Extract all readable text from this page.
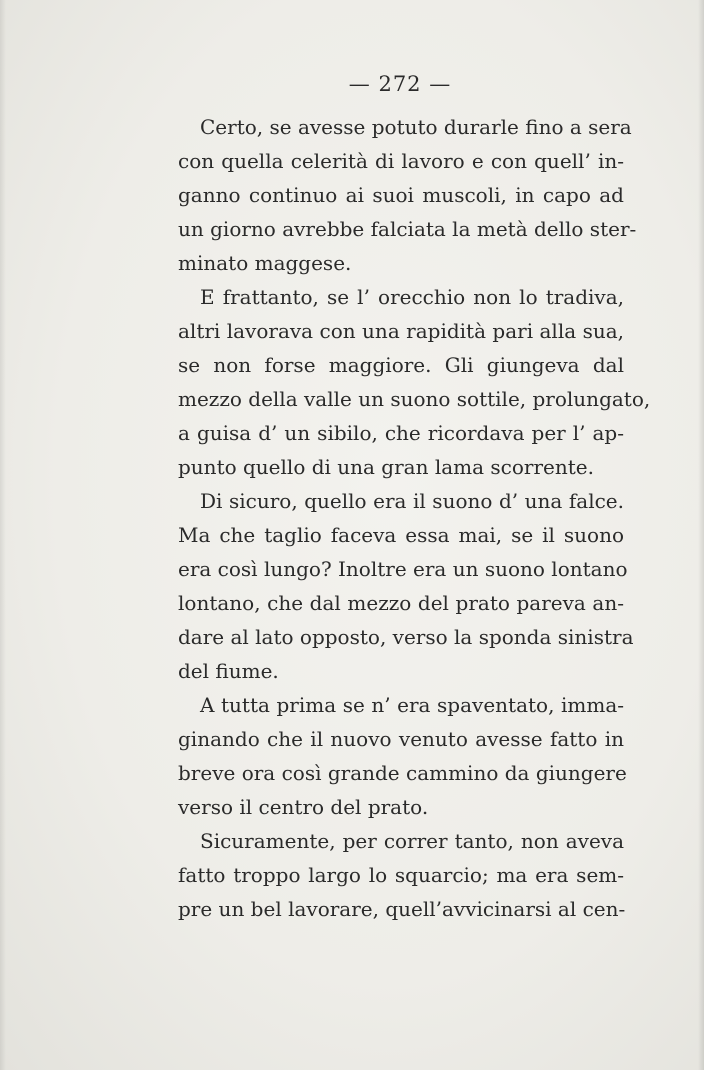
— 272 —
Certo, se avesse potuto durarle fino a sera
con quella celerità di lavoro e con quell’ in-
ganno continuo ai suoi muscoli, in capo ad
un giorno avrebbe falciata la metà dello ster-
minato maggese.
E frattanto, se l’ orecchio non lo tradiva,
altri lavorava con una rapidità pari alla sua,
se non forse maggiore. Gli giungeva dal
mezzo della valle un suono sottile, prolungato,
a guisa d’ un sibilo, che ricordava per l’ ap-
punto quello di una gran lama scorrente.
Di sicuro, quello era il suono d’ una falce.
Ma che taglio faceva essa mai, se il suono
era così lungo? Inoltre era un suono lontano
lontano, che dal mezzo del prato pareva an-
dare al lato opposto, verso la sponda sinistra
del fiume.
A tutta prima se n’ era spaventato, imma-
ginando che il nuovo venuto avesse fatto in
breve ora così grande cammino da giungere
verso il centro del prato.
Sicuramente, per correr tanto, non aveva
fatto troppo largo lo squarcio; ma era sem-
pre un bel lavorare, quell’avvicinarsi al cen-
